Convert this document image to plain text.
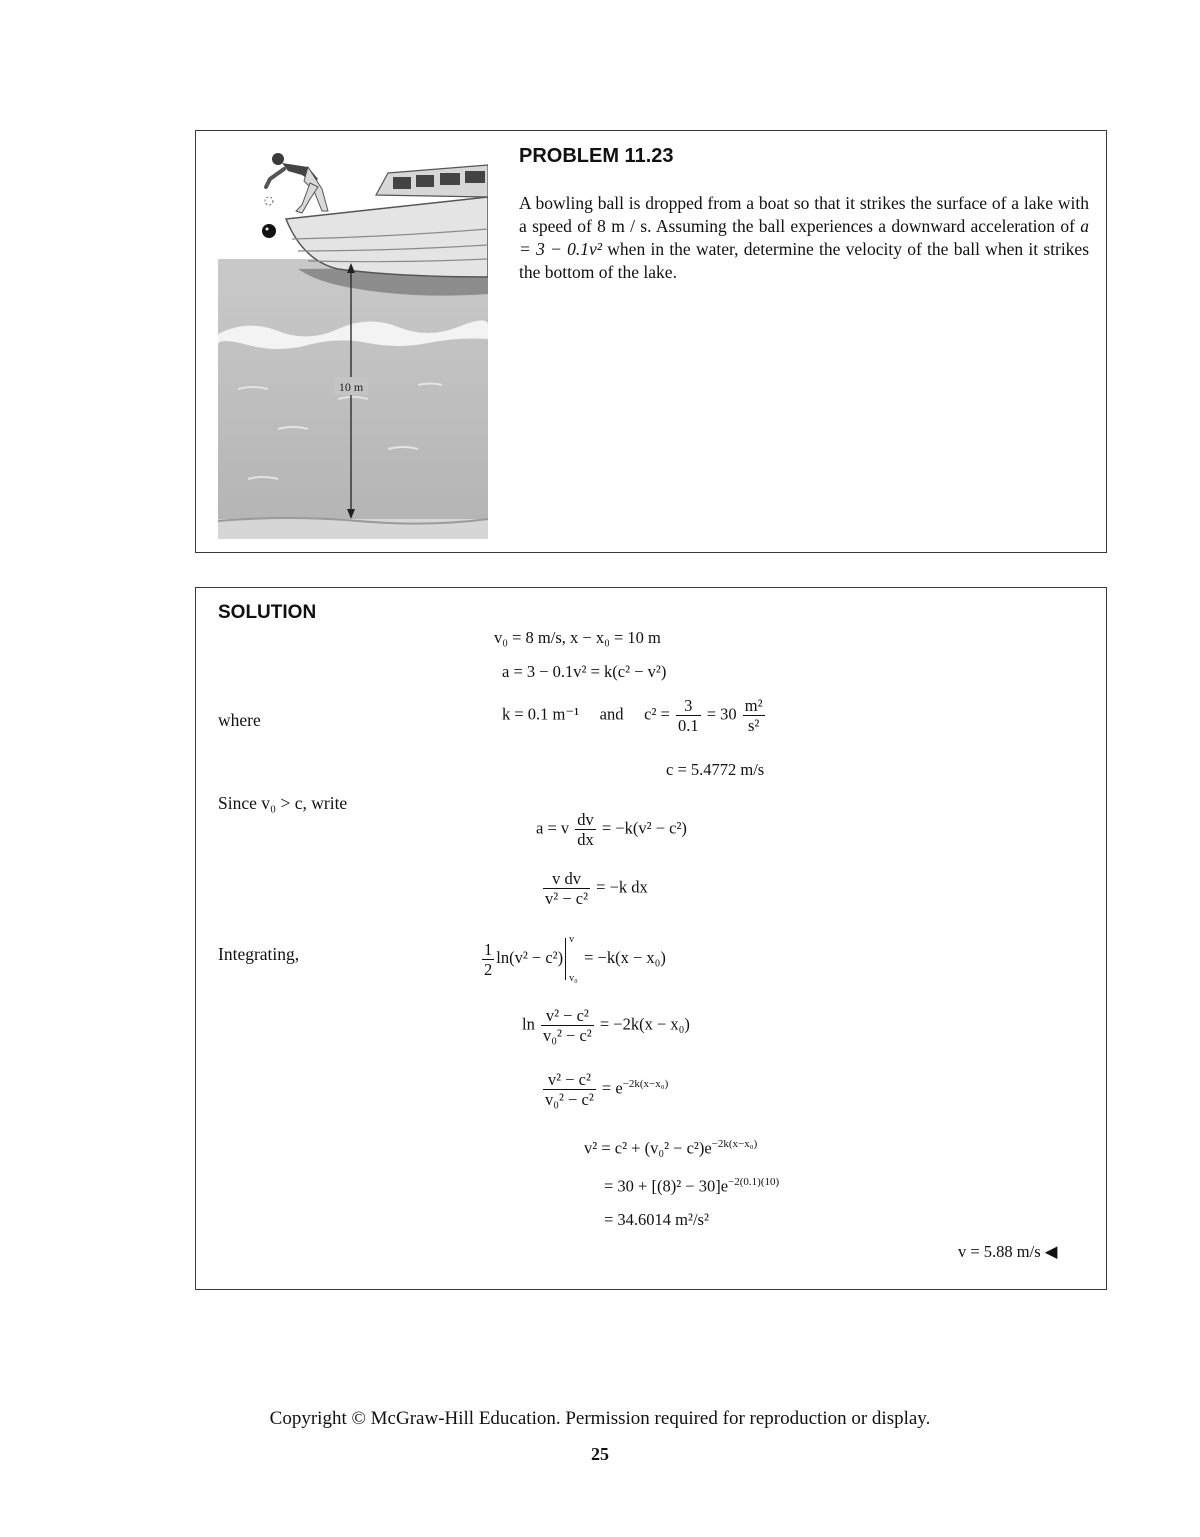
10 m
PROBLEM 11.23
A bowling ball is dropped from a boat so that it strikes the surface of a lake with a speed of 8 m / s. Assuming the ball experiences a downward acceleration of a = 3 − 0.1v² when in the water, determine the velocity of the ball when it strikes the bottom of the lake.
SOLUTION
v₀ = 8 m/s, x − x₀ = 10 m
a = 3 − 0.1v² = k(c² − v²)
where	k = 0.1 m⁻¹ and $c^2 = \frac{3}{0.1} = 30 \frac{\text{m²}}{\text{s²}}$
c = 5.4772 m/s
Since v₀ > c, write
a = v $\frac{dv}{dx} = -k(v^2 - c^2)$
$\frac{\text{v dv}}{\text{v² − c²}} = -k$ dx
Integrating,	$\frac{1}{2} \ln(v^2 - c^2)$
v
v₀
= −k(x − x₀)
$\ln \frac{\text{v² − c²}}{\text{v₀² − c²}} = -2k(x - x_0)$
$\frac{\text{v² − c²}}{\text{v₀² − c²}} = e^{-2k(x-x_0)}$
$v^2 = c^2 + (v_0^2 - c^2)e^{-2k(x-x_0)}$
= $30 + [(8)^2 - 30]e^{-2(0.1)(10)}$
= 34.6014 m²/s²
v = 5.88 m/s ◀
Copyright © McGraw-Hill Education. Permission required for reproduction or display.
25
